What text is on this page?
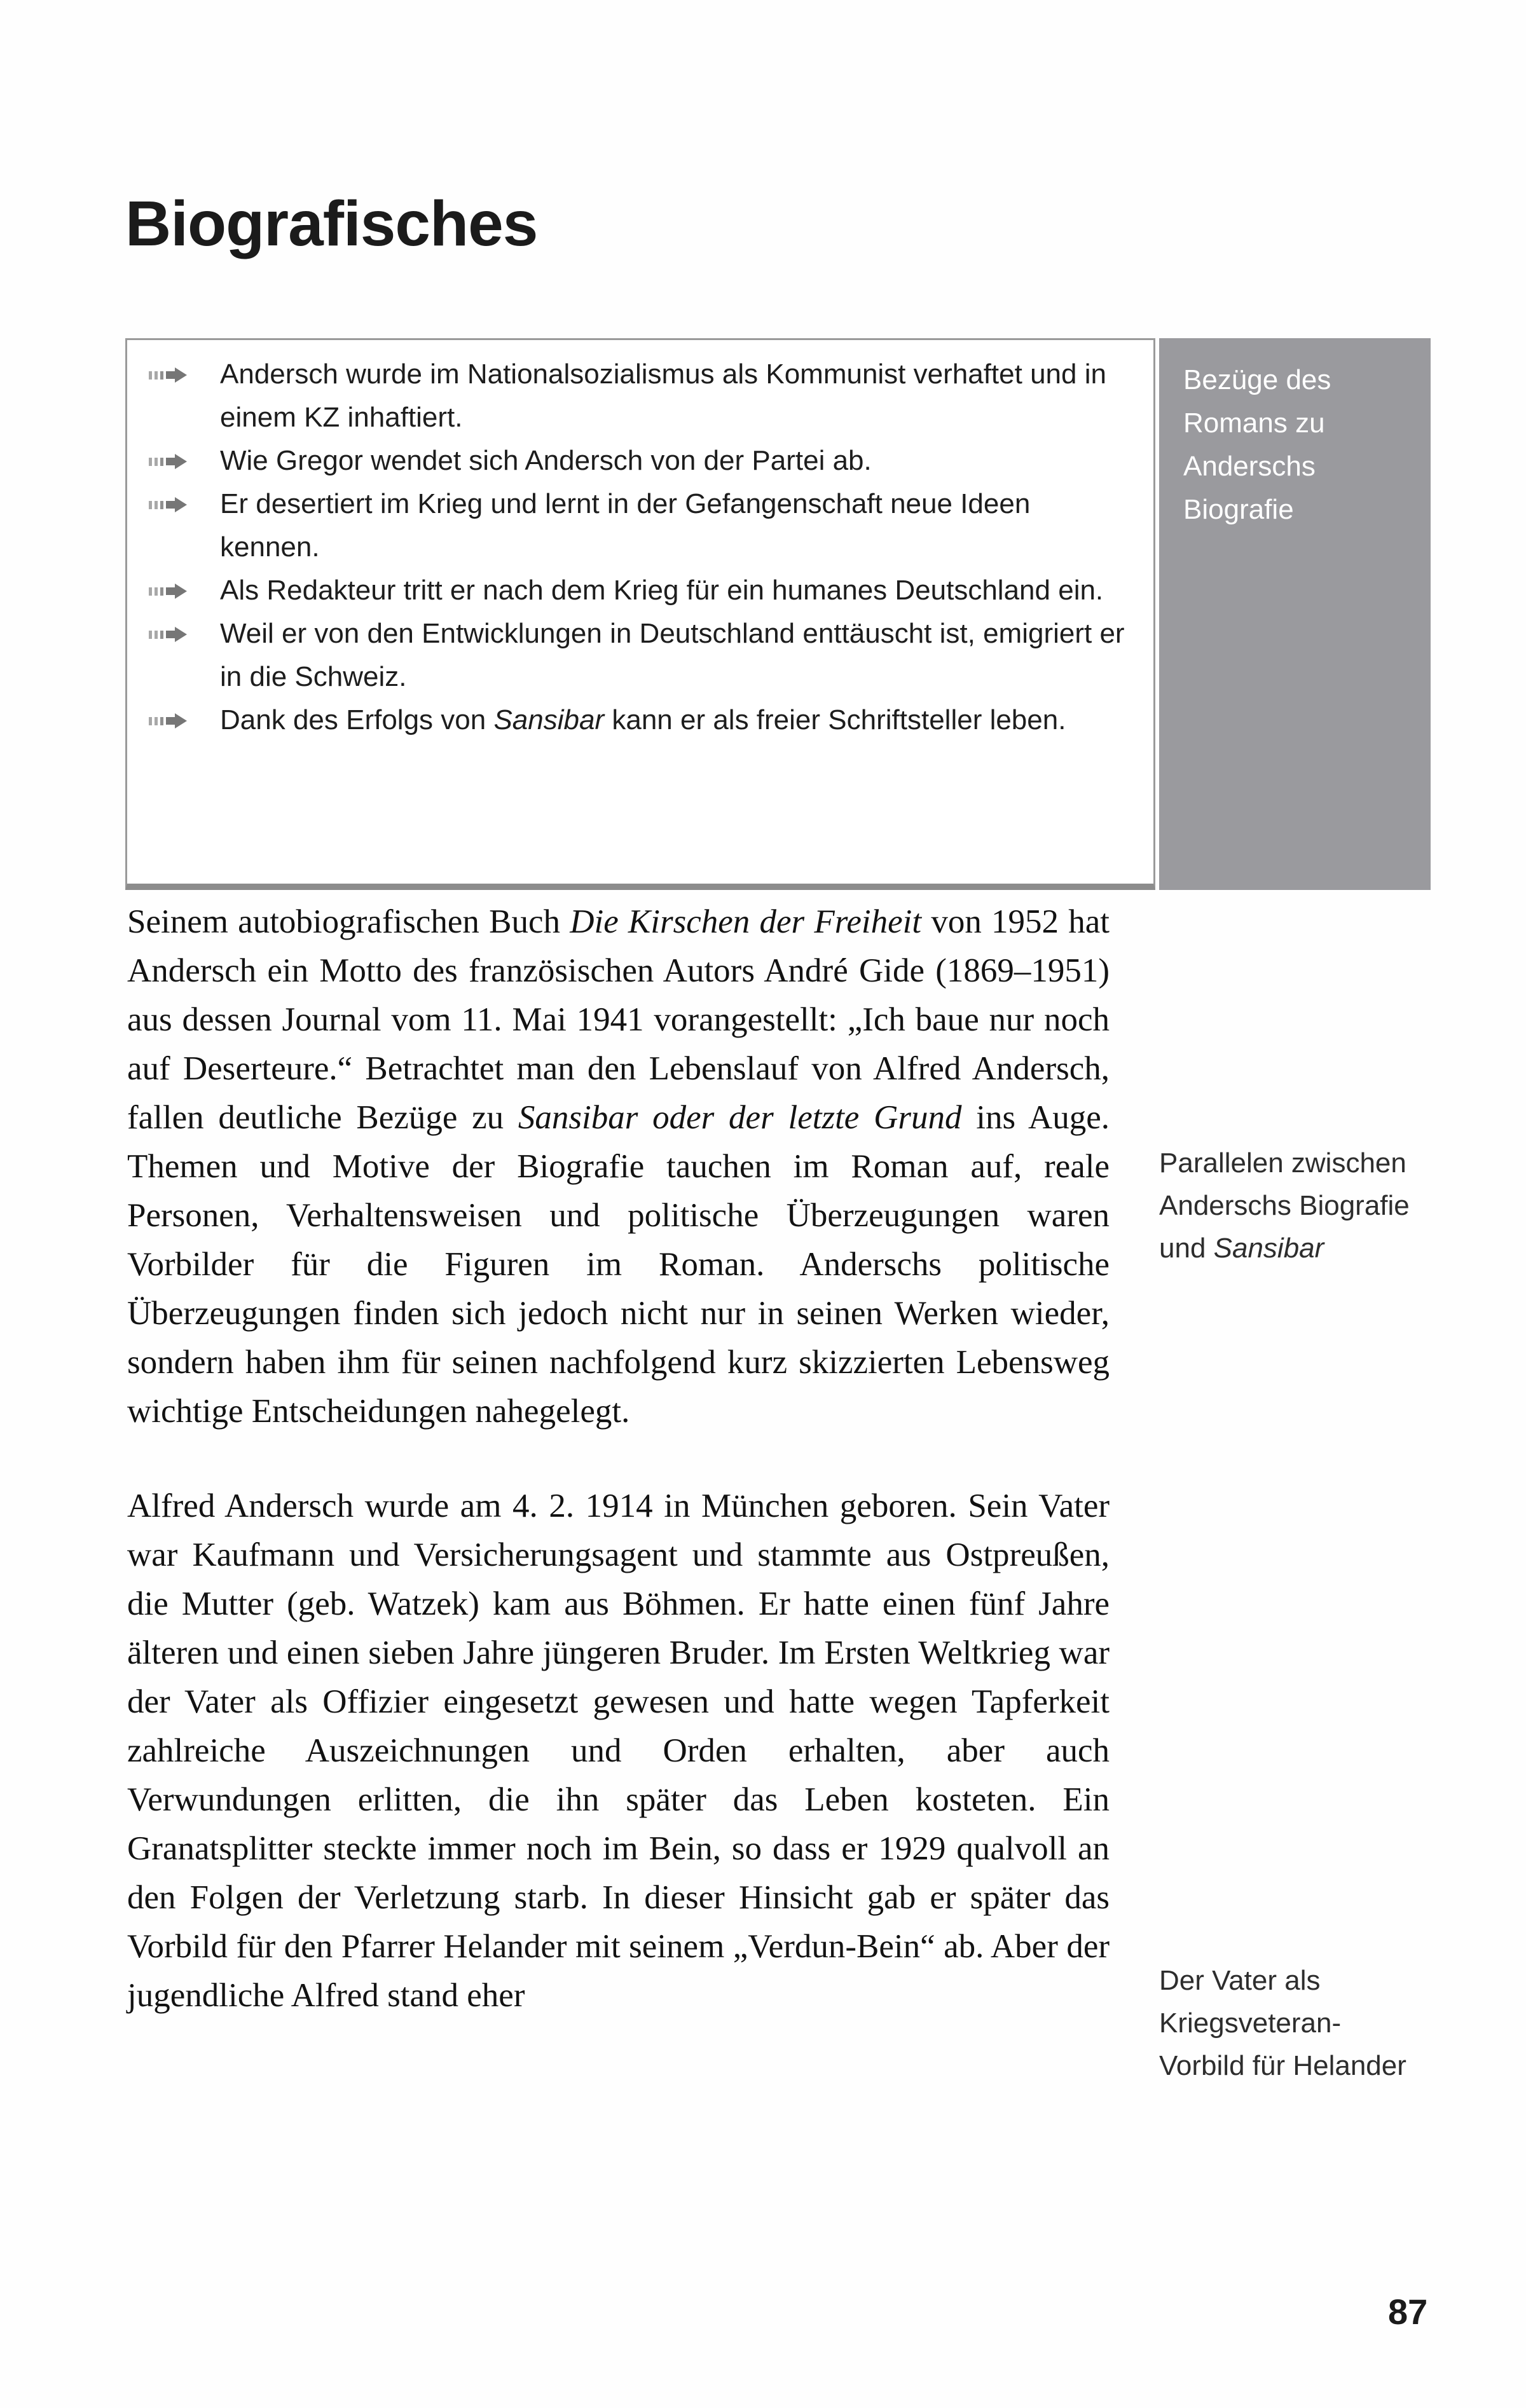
Biografisches
Andersch wurde im Nationalsozialismus als Kommunist verhaftet und in einem KZ inhaftiert.
Wie Gregor wendet sich Andersch von der Partei ab.
Er desertiert im Krieg und lernt in der Gefangenschaft neue Ideen kennen.
Als Redakteur tritt er nach dem Krieg für ein humanes Deutschland ein.
Weil er von den Entwicklungen in Deutschland enttäuscht ist, emigriert er in die Schweiz.
Dank des Erfolgs von Sansibar kann er als freier Schriftsteller leben.
Bezüge des Romans zu Anderschs Biografie

Seinem autobiografischen Buch Die Kirschen der Freiheit von 1952 hat Andersch ein Motto des französischen Autors André Gide (1869–1951) aus dessen Journal vom 11. Mai 1941 vorangestellt: „Ich baue nur noch auf Deserteure.“ Betrachtet man den Lebenslauf von Alfred Andersch, fallen deutliche Bezüge zu Sansibar oder der letzte Grund ins Auge. Themen und Motive der Biografie tauchen im Roman auf, reale Personen, Verhaltensweisen und politische Überzeugungen waren Vorbilder für die Figuren im Roman. Anderschs politische Überzeugungen finden sich jedoch nicht nur in seinen Werken wieder, sondern haben ihm für seinen nachfolgend kurz skizzierten Lebensweg wichtige Entscheidungen nahegelegt.

Alfred Andersch wurde am 4. 2. 1914 in München geboren. Sein Vater war Kaufmann und Versicherungsagent und stammte aus Ostpreußen, die Mutter (geb. Watzek) kam aus Böhmen. Er hatte einen fünf Jahre älteren und einen sieben Jahre jüngeren Bruder. Im Ersten Weltkrieg war der Vater als Offizier eingesetzt gewesen und hatte wegen Tapferkeit zahlreiche Auszeichnungen und Orden erhalten, aber auch Verwundungen erlitten, die ihn später das Leben kosteten. Ein Granatsplitter steckte immer noch im Bein, so dass er 1929 qualvoll an den Folgen der Verletzung starb. In dieser Hinsicht gab er später das Vorbild für den Pfarrer Helander mit seinem „Verdun-Bein“ ab. Aber der jugendliche Alfred stand eher

Parallelen zwischen Anderschs Biografie und Sansibar
Der Vater als Kriegsveteran-Vorbild für Helander
87
